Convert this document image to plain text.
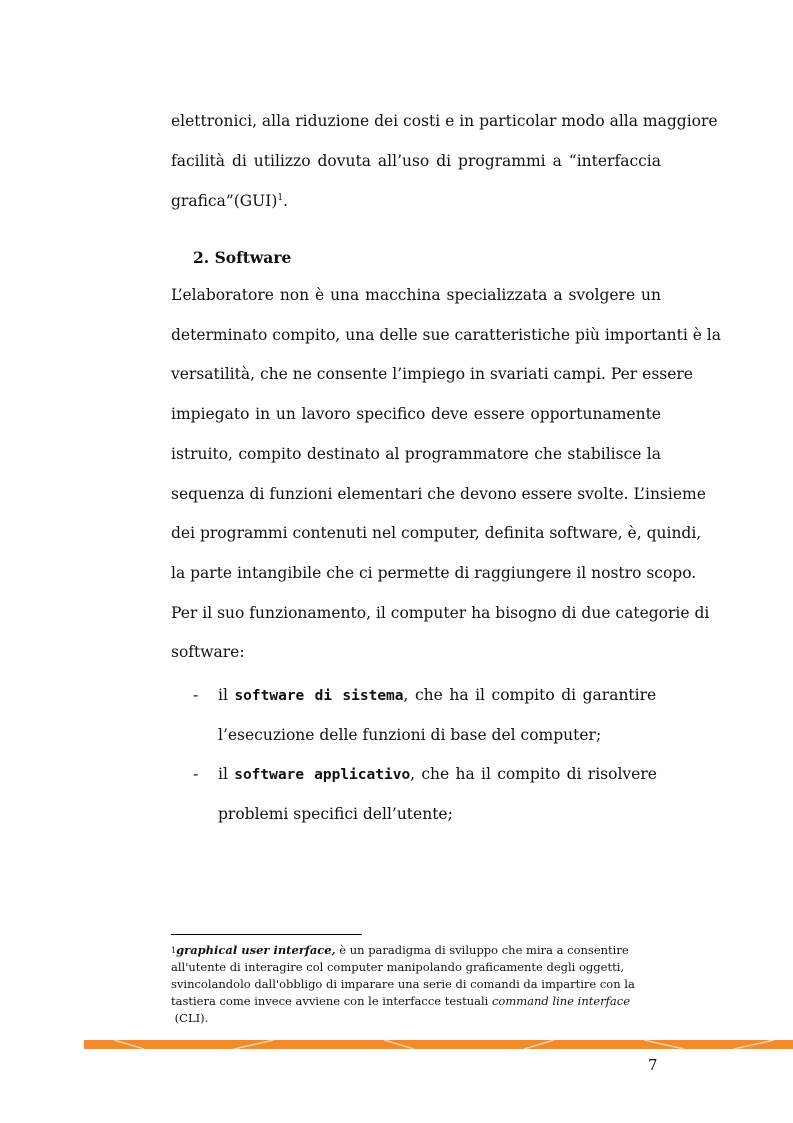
elettronici, alla riduzione dei costi e in particolar modo alla maggiore
facilità di utilizzo dovuta all’uso di programmi a “interfaccia
grafica”(GUI)$^1$.
2. Software
L’elaboratore non è una macchina specializzata a svolgere un
determinato compito, una delle sue caratteristiche più importanti è la
versatilità, che ne consente l’impiego in svariati campi. Per essere
impiegato in un lavoro specifico deve essere opportunamente
istruito, compito destinato al programmatore che stabilisce la
sequenza di funzioni elementari che devono essere svolte. L’insieme
dei programmi contenuti nel computer, definita software, è, quindi,
la parte intangibile che ci permette di raggiungere il nostro scopo.
Per il suo funzionamento, il computer ha bisogno di due categorie di
software:
- il software di sistema, che ha il compito di garantire
l’esecuzione delle funzioni di base del computer;
- il software applicativo, che ha il compito di risolvere
problemi specifici dell’utente;
$^1$graphical user interface, è un paradigma di sviluppo che mira a consentire
all'utente di interagire col computer manipolando graficamente degli oggetti,
svincolandolo dall'obbligo di imparare una serie di comandi da impartire con la
tastiera come invece avviene con le interfacce testuali command line interface (CLI).
7
